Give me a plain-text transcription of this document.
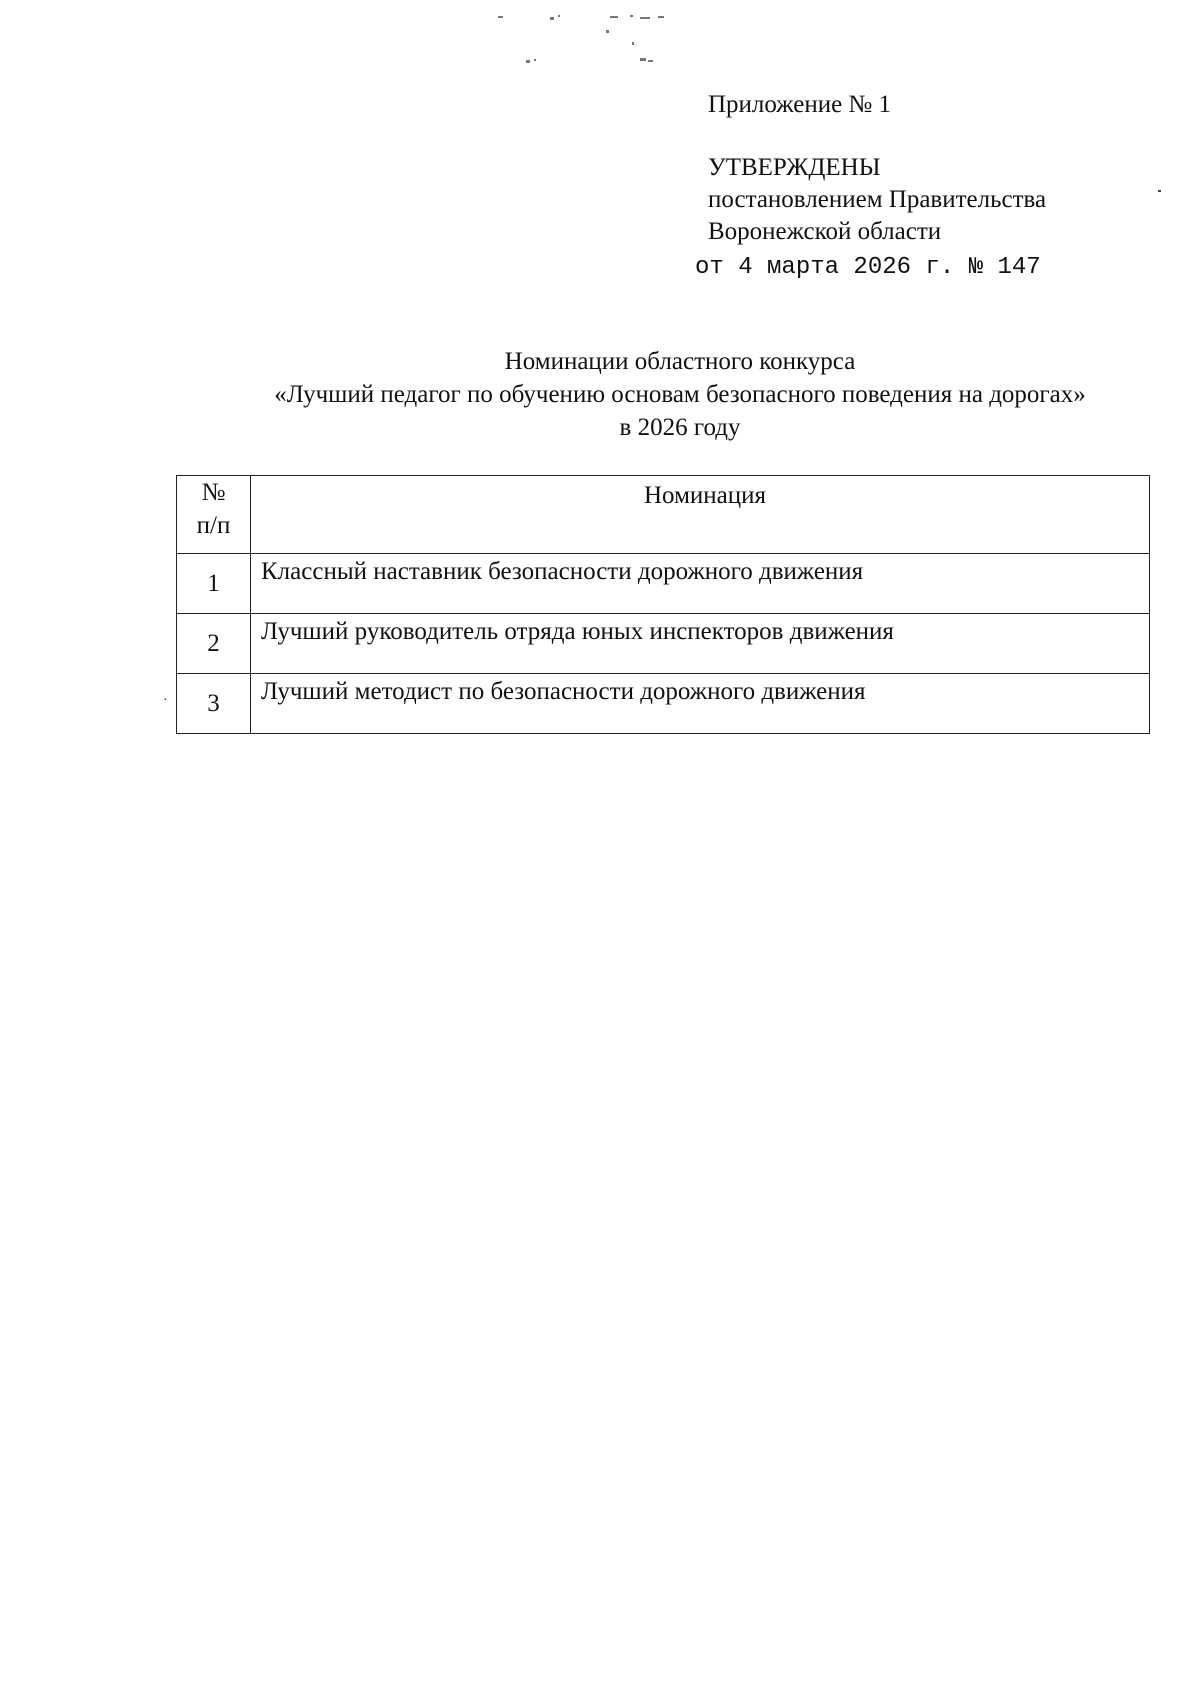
Приложение № 1
УТВЕРЖДЕНЫ
постановлением Правительства
Воронежской области
от 4 марта 2026 г. № 147
Номинации областного конкурса
«Лучший педагог по обучению основам безопасного поведения на дорогах»
в 2026 году
№
п/п	Номинация
1	Классный наставник безопасности дорожного движения
2	Лучший руководитель отряда юных инспекторов движения
3	Лучший методист по безопасности дорожного движения
·
